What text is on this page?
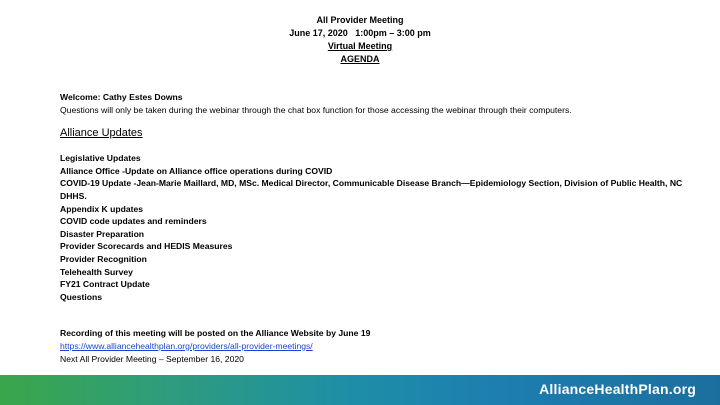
All Provider Meeting
June 17, 2020   1:00pm – 3:00 pm
Virtual Meeting
AGENDA
Welcome: Cathy Estes Downs
Questions will only be taken during the webinar through the chat box function for those accessing the webinar through their computers.
Alliance Updates
Legislative Updates
Alliance Office -Update on Alliance office operations during COVID
COVID-19 Update -Jean-Marie Maillard, MD, MSc. Medical Director, Communicable Disease Branch—Epidemiology Section, Division of Public Health, NC DHHS.
Appendix K updates
COVID code updates and reminders
Disaster Preparation
Provider Scorecards and HEDIS Measures
Provider Recognition
Telehealth Survey
FY21 Contract Update
Questions
Recording of this meeting will be posted on the Alliance Website by June 19
https://www.alliancehealthplan.org/providers/all-provider-meetings/
Next All Provider Meeting – September 16, 2020
AllianceHealthPlan.org
